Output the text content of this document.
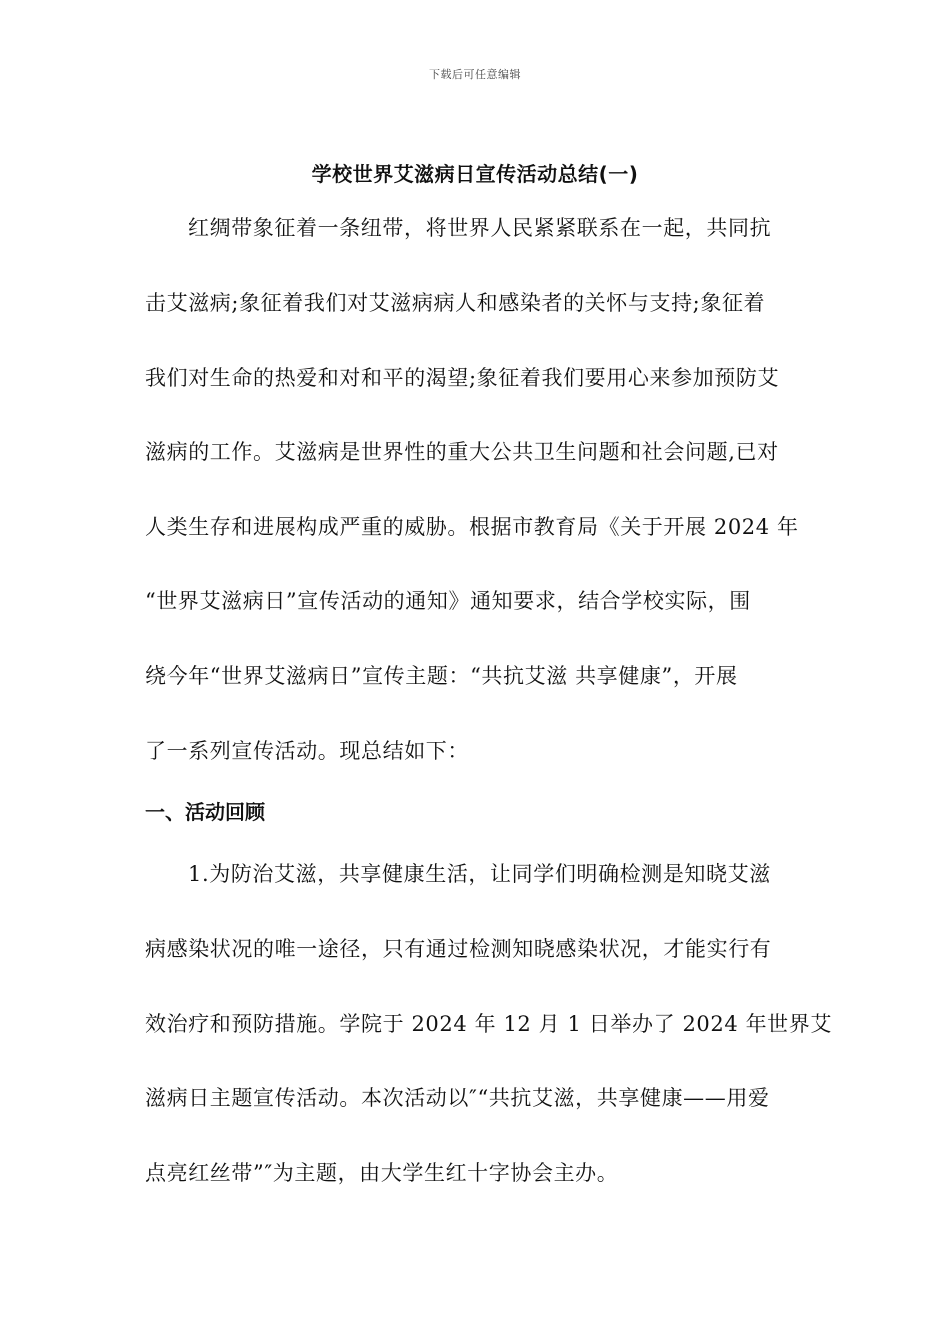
下载后可任意编辑
学校世界艾滋病日宣传活动总结(一)
红绸带象征着一条纽带，将世界人民紧紧联系在一起，共同抗
击艾滋病;象征着我们对艾滋病病人和感染者的关怀与支持;象征着
我们对生命的热爱和对和平的渴望;象征着我们要用心来参加预防艾
滋病的工作。艾滋病是世界性的重大公共卫生问题和社会问题,已对
人类生存和进展构成严重的威胁。根据市教育局《关于开展 2024 年
“世界艾滋病日”宣传活动的通知》通知要求，结合学校实际，围
绕今年“世界艾滋病日”宣传主题：“共抗艾滋 共享健康”，开展
了一系列宣传活动。现总结如下：
一、活动回顾
1.为防治艾滋，共享健康生活，让同学们明确检测是知晓艾滋
病感染状况的唯一途径，只有通过检测知晓感染状况，才能实行有
效治疗和预防措施。学院于 2024 年 12 月 1 日举办了 2024 年世界艾
滋病日主题宣传活动。本次活动以″“共抗艾滋，共享健康——用爱
点亮红丝带”″为主题，由大学生红十字协会主办。
